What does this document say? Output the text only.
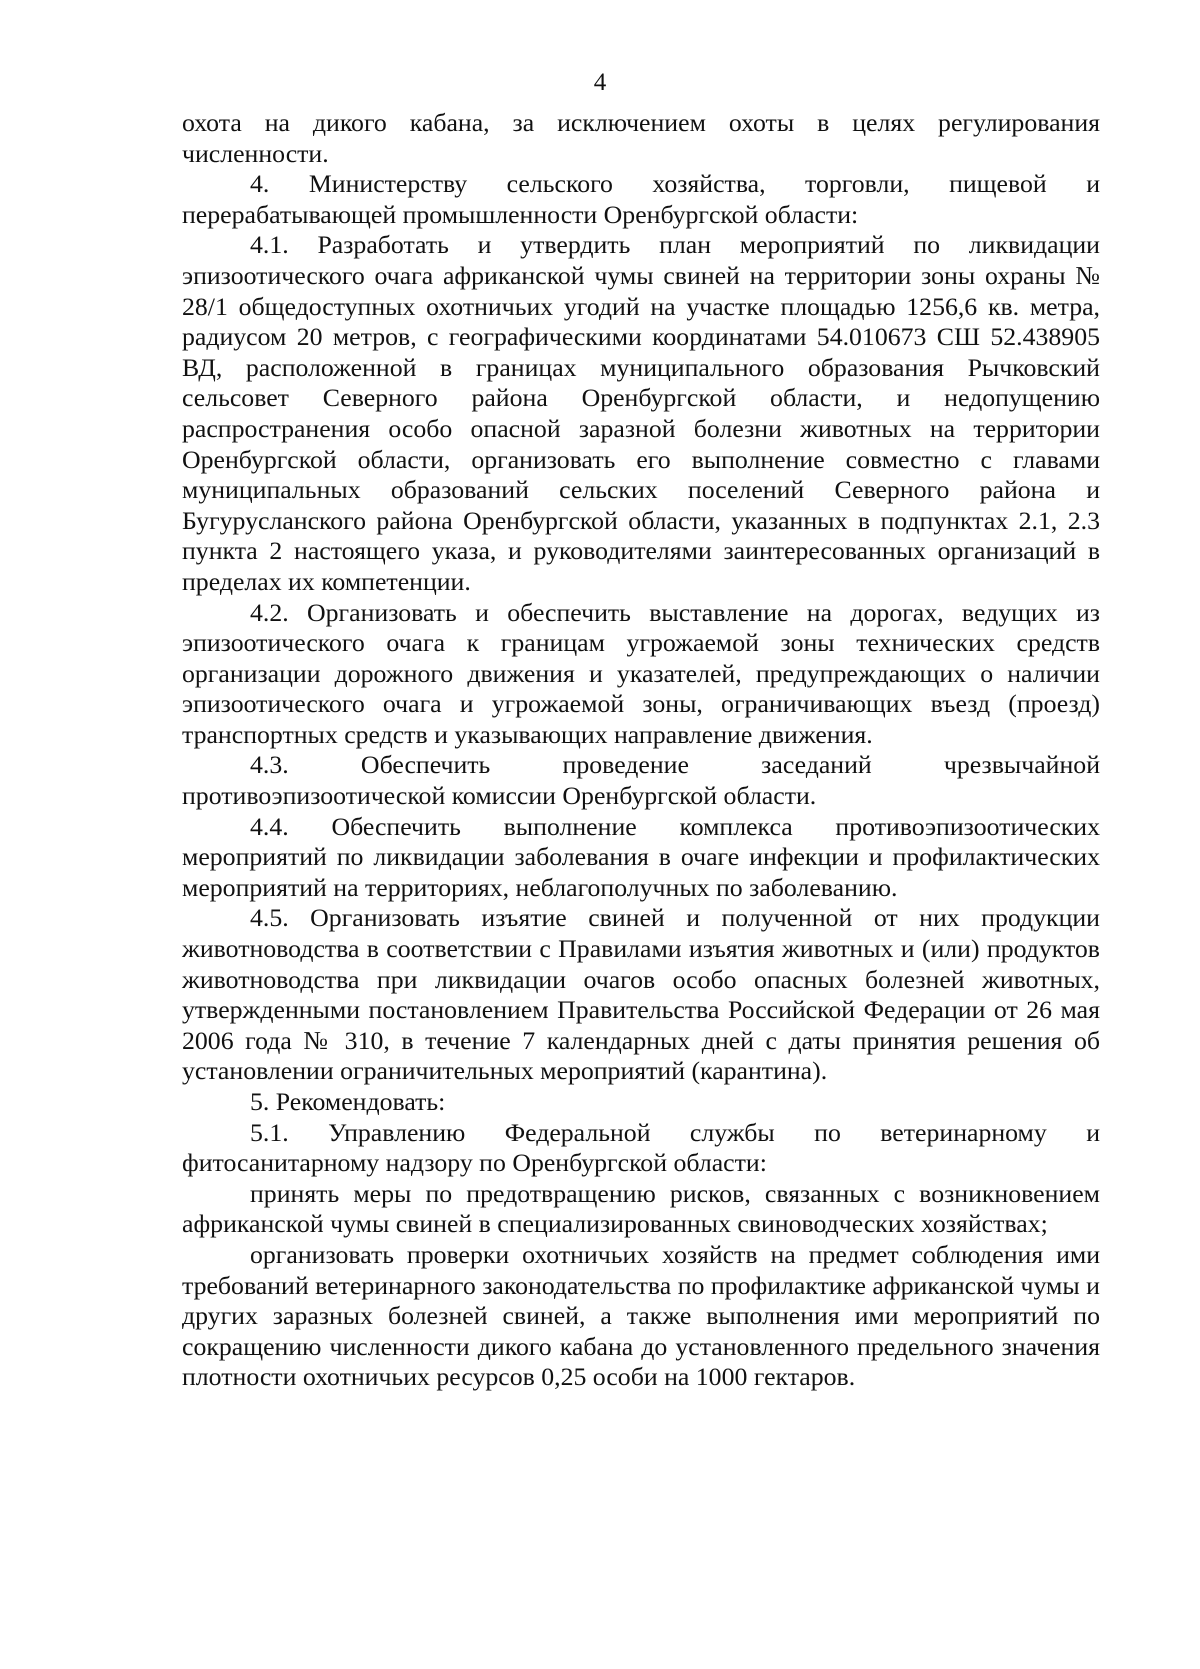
4

охота на дикого кабана, за исключением охоты в целях регулирования численности.

4. Министерству сельского хозяйства, торговли, пищевой и перерабатывающей промышленности Оренбургской области:

4.1. Разработать и утвердить план мероприятий по ликвидации эпизоотического очага африканской чумы свиней на территории зоны охраны № 28/1 общедоступных охотничьих угодий на участке площадью 1256,6 кв. метра, радиусом 20 метров, с географическими координатами 54.010673 СШ 52.438905 ВД, расположенной в границах муниципального образования Рычковский сельсовет Северного района Оренбургской области, и недопущению распространения особо опасной заразной болезни животных на территории Оренбургской области, организовать его выполнение совместно с главами муниципальных образований сельских поселений Северного района и Бугурусланского района Оренбургской области, указанных в подпунктах 2.1, 2.3 пункта 2 настоящего указа, и руководителями заинтересованных организаций в пределах их компетенции.

4.2. Организовать и обеспечить выставление на дорогах, ведущих из эпизоотического очага к границам угрожаемой зоны технических средств организации дорожного движения и указателей, предупреждающих о наличии эпизоотического очага и угрожаемой зоны, ограничивающих въезд (проезд) транспортных средств и указывающих направление движения.

4.3. Обеспечить проведение заседаний чрезвычайной противоэпизоотической комиссии Оренбургской области.

4.4. Обеспечить выполнение комплекса противоэпизоотических мероприятий по ликвидации заболевания в очаге инфекции и профилактических мероприятий на территориях, неблагополучных по заболеванию.

4.5. Организовать изъятие свиней и полученной от них продукции животноводства в соответствии с Правилами изъятия животных и (или) продуктов животноводства при ликвидации очагов особо опасных болезней животных, утвержденными постановлением Правительства Российской Федерации от 26 мая 2006 года № 310, в течение 7 календарных дней с даты принятия решения об установлении ограничительных мероприятий (карантина).

5. Рекомендовать:

5.1. Управлению Федеральной службы по ветеринарному и фитосанитарному надзору по Оренбургской области:

принять меры по предотвращению рисков, связанных с возникновением африканской чумы свиней в специализированных свиноводческих хозяйствах;

организовать проверки охотничьих хозяйств на предмет соблюдения ими требований ветеринарного законодательства по профилактике африканской чумы и других заразных болезней свиней, а также выполнения ими мероприятий по сокращению численности дикого кабана до установленного предельного значения плотности охотничьих ресурсов 0,25 особи на 1000 гектаров.
